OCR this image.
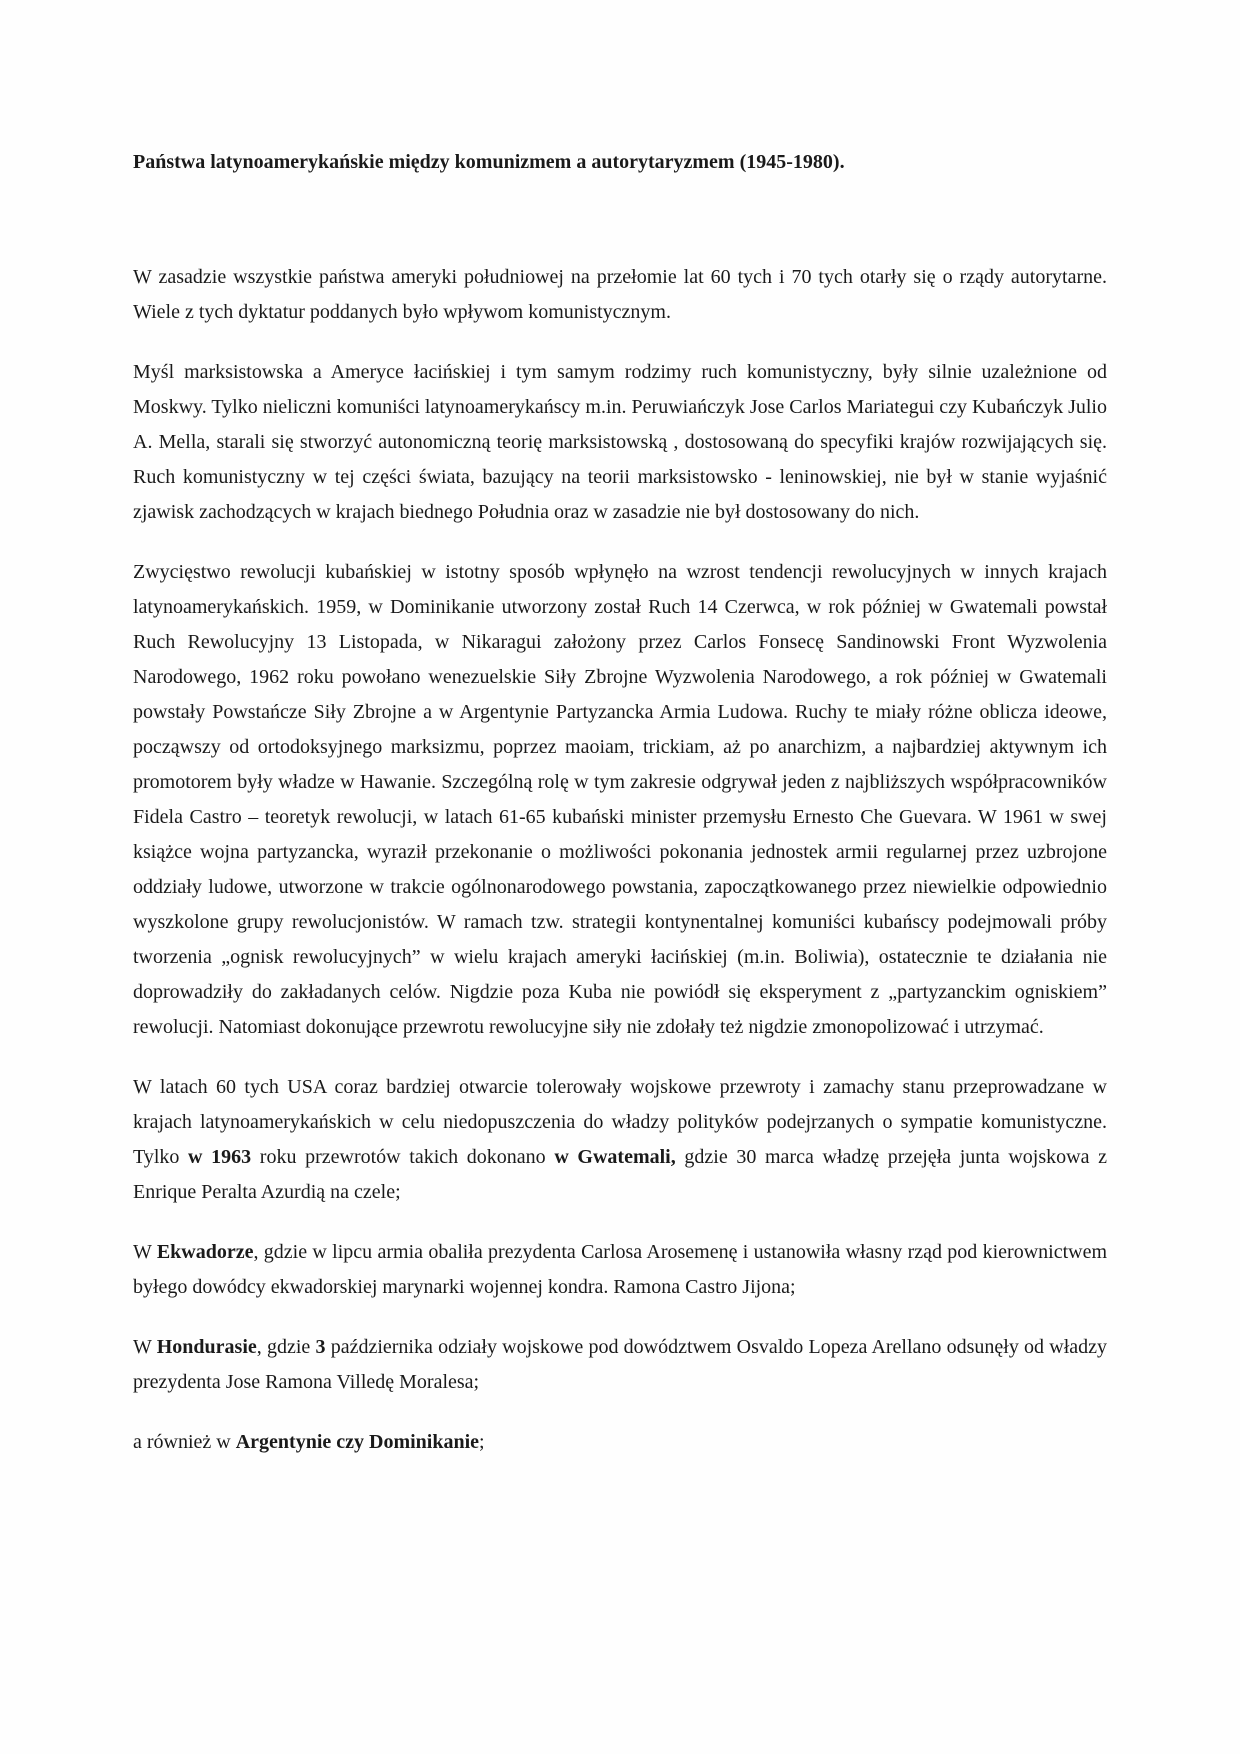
Państwa latynoamerykańskie między komunizmem a autorytaryzmem (1945-1980).

W zasadzie wszystkie państwa ameryki południowej na przełomie lat 60 tych i 70 tych otarły się o rządy autorytarne. Wiele z tych dyktatur poddanych było wpływom komunistycznym.

Myśl marksistowska a Ameryce łacińskiej i tym samym rodzimy ruch komunistyczny, były silnie uzależnione od Moskwy. Tylko nieliczni komuniści latynoamerykańscy m.in. Peruwiańczyk Jose Carlos Mariategui czy Kubańczyk Julio A. Mella, starali się stworzyć autonomiczną teorię marksistowską , dostosowaną do specyfiki krajów rozwijających się. Ruch komunistyczny w tej części świata, bazujący na teorii marksistowsko - leninowskiej, nie był w stanie wyjaśnić zjawisk zachodzących w krajach biednego Południa oraz w zasadzie nie był dostosowany do nich.

Zwycięstwo rewolucji kubańskiej w istotny sposób wpłynęło na wzrost tendencji rewolucyjnych w innych krajach latynoamerykańskich. 1959, w Dominikanie utworzony został Ruch 14 Czerwca, w rok później w Gwatemali powstał Ruch Rewolucyjny 13 Listopada, w Nikaragui założony przez Carlos Fonsecę Sandinowski Front Wyzwolenia Narodowego, 1962 roku powołano wenezuelskie Siły Zbrojne Wyzwolenia Narodowego, a rok później w Gwatemali powstały Powstańcze Siły Zbrojne a w Argentynie Partyzancka Armia Ludowa. Ruchy te miały różne oblicza ideowe, począwszy od ortodoksyjnego marksizmu, poprzez maoiam, trickiam, aż po anarchizm, a najbardziej aktywnym ich promotorem były władze w Hawanie. Szczególną rolę w tym zakresie odgrywał jeden z najbliższych współpracowników Fidela Castro – teoretyk rewolucji, w latach 61-65 kubański minister przemysłu Ernesto Che Guevara. W 1961 w swej książce wojna partyzancka, wyraził przekonanie o możliwości pokonania jednostek armii regularnej przez uzbrojone oddziały ludowe, utworzone w trakcie ogólnonarodowego powstania, zapoczątkowanego przez niewielkie odpowiednio wyszkolone grupy rewolucjonistów. W ramach tzw. strategii kontynentalnej komuniści kubańscy podejmowali próby tworzenia „ognisk rewolucyjnych” w wielu krajach ameryki łacińskiej (m.in. Boliwia), ostatecznie te działania nie doprowadziły do zakładanych celów. Nigdzie poza Kuba nie powiódł się eksperyment z „partyzanckim ogniskiem” rewolucji. Natomiast dokonujące przewrotu rewolucyjne siły nie zdołały też nigdzie zmonopolizować i utrzymać.

W latach 60 tych USA coraz bardziej otwarcie tolerowały wojskowe przewroty i zamachy stanu przeprowadzane w krajach latynoamerykańskich w celu niedopuszczenia do władzy polityków podejrzanych o sympatie komunistyczne. Tylko w 1963 roku przewrotów takich dokonano w Gwatemali, gdzie 30 marca władzę przejęła junta wojskowa z Enrique Peralta Azurdią na czele;

W Ekwadorze, gdzie w lipcu armia obaliła prezydenta Carlosa Arosemenę i ustanowiła własny rząd pod kierownictwem byłego dowódcy ekwadorskiej marynarki wojennej kondra. Ramona Castro Jijona;

W Hondurasie, gdzie 3 października odziały wojskowe pod dowództwem Osvaldo Lopeza Arellano odsunęły od władzy prezydenta Jose Ramona Villedę Moralesa;

a również w Argentynie czy Dominikanie;
